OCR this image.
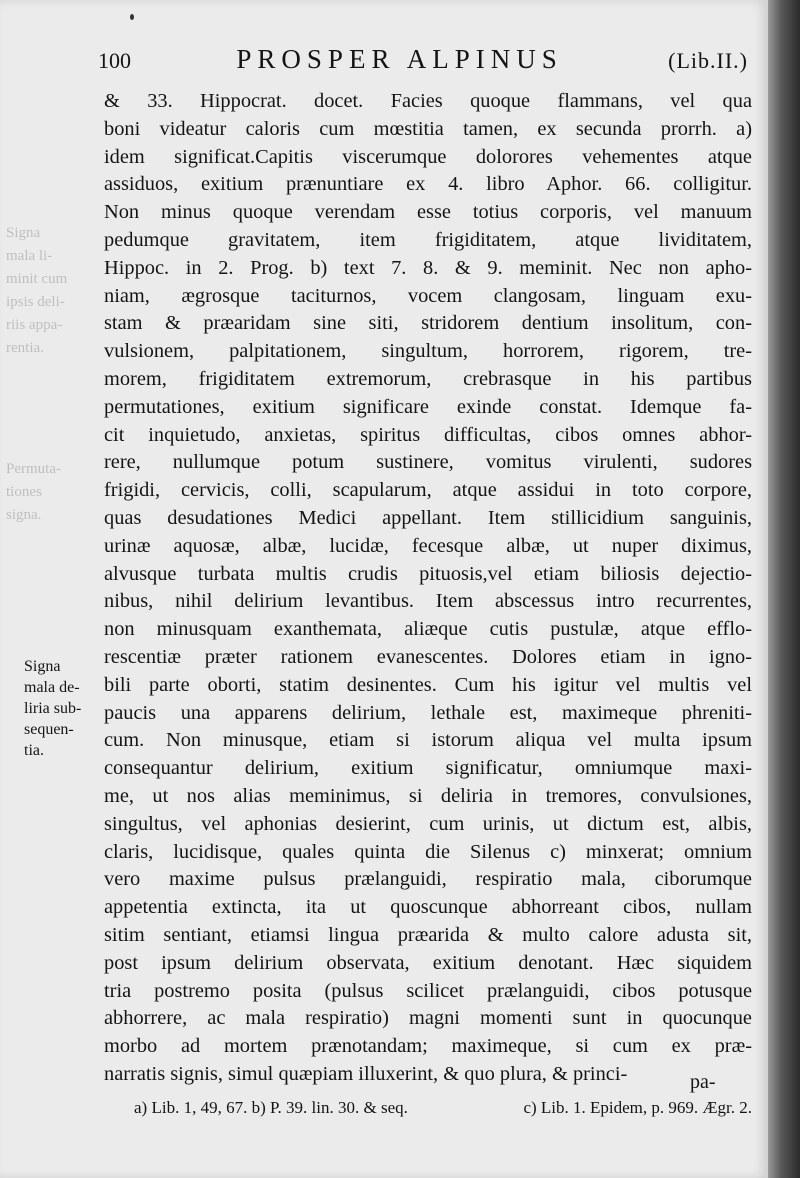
100	PROSPER ALPINUS	(Lib.II.)
Signa
mala li-
minit cum
ipsis deli-
riis appa-
rentia.
Permuta-
tiones
signa.
& 33. Hippocrat. docet. Facies quoque flammans, vel qua
boni videatur caloris cum mœstitia tamen, ex secunda prorrh. a)
idem significat.Capitis viscerumque dolorores vehementes atque
assiduos, exitium prænuntiare ex 4. libro Aphor. 66. colligitur.
Non minus quoque verendam esse totius corporis, vel manuum
pedumque gravitatem, item frigiditatem, atque lividitatem,
Hippoc. in 2. Prog. b) text 7. 8. & 9. meminit. Nec non apho-
niam, ægrosque taciturnos, vocem clangosam, linguam exu-
stam & præaridam sine siti, stridorem dentium insolitum, con-
vulsionem, palpitationem, singultum, horrorem, rigorem, tre-
morem, frigiditatem extremorum, crebrasque in his partibus
permutationes, exitium significare exinde constat. Idemque fa-
cit inquietudo, anxietas, spiritus difficultas, cibos omnes abhor-
rere, nullumque potum sustinere, vomitus virulenti, sudores
frigidi, cervicis, colli, scapularum, atque assidui in toto corpore,
quas desudationes Medici appellant. Item stillicidium sanguinis,
urinæ aquosæ, albæ, lucidæ, fecesque albæ, ut nuper diximus,
alvusque turbata multis crudis pituosis,vel etiam biliosis dejectio-
nibus, nihil delirium levantibus. Item abscessus intro recurrentes,
non minusquam exanthemata, aliæque cutis pustulæ, atque efflo-
rescentiæ præter rationem evanescentes. Dolores etiam in igno-
bili parte oborti, statim desinentes. Cum his igitur vel multis vel
paucis una apparens delirium, lethale est, maximeque phreniti-
cum. Non minusque, etiam si istorum aliqua vel multa ipsum
consequantur delirium, exitium significatur, omniumque maxi-
me, ut nos alias meminimus, si deliria in tremores, convulsiones,
singultus, vel aphonias desierint, cum urinis, ut dictum est, albis,
claris, lucidisque, quales quinta die Silenus c) minxerat; omnium
vero maxime pulsus prælanguidi, respiratio mala, ciborumque
appetentia extincta, ita ut quoscunque abhorreant cibos, nullam
sitim sentiant, etiamsi lingua præarida & multo calore adusta sit,
post ipsum delirium observata, exitium denotant. Hæc siquidem
tria postremo posita (pulsus scilicet prælanguidi, cibos potusque
abhorrere, ac mala respiratio) magni momenti sunt in quocunque
morbo ad mortem prænotandam; maximeque, si cum ex præ-
narratis signis, simul quæpiam illuxerint, & quo plura, & princi-
Signa
mala de-
liria sub-
sequen-
tia.
pa-
a) Lib. 1, 49, 67. b) P. 39. lin. 30. & seq.	c) Lib. 1. Epidem, p. 969. Ægr. 2.
